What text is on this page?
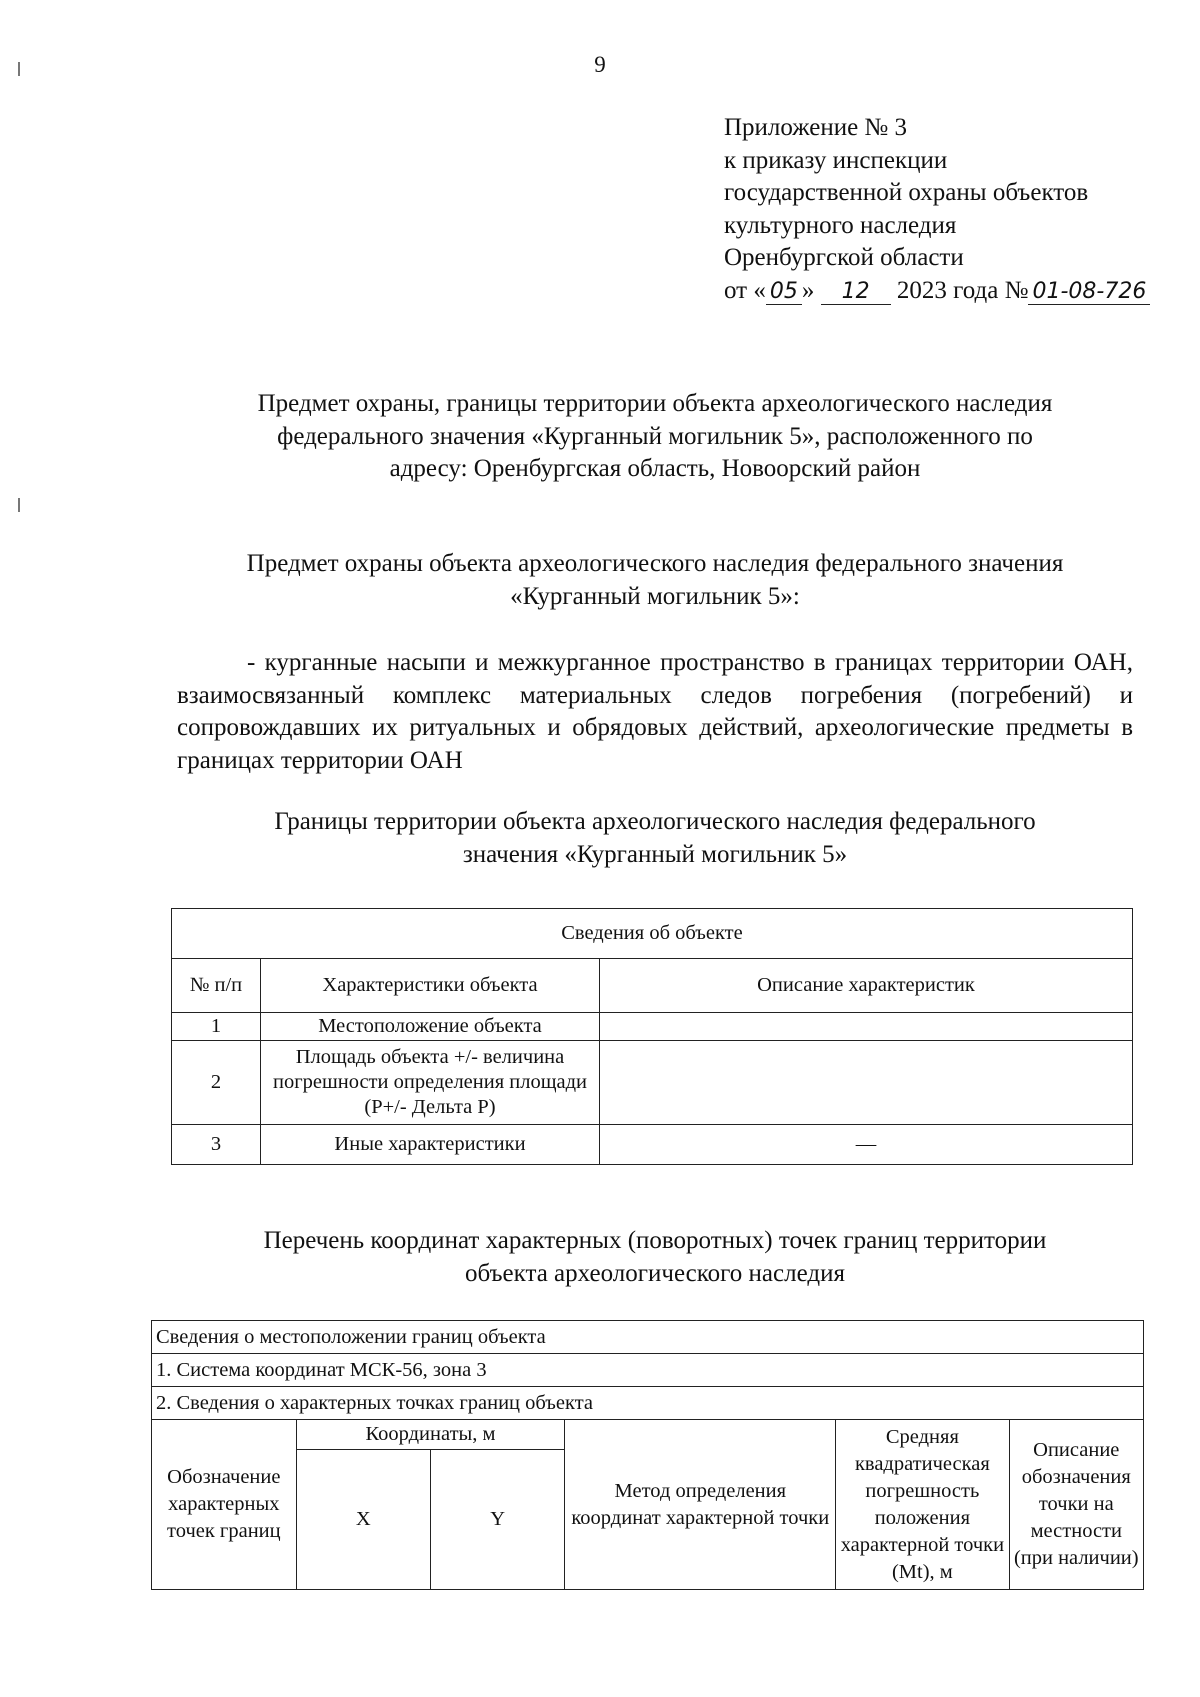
9
Приложение № 3
к приказу инспекции
государственной охраны объектов
культурного наследия
Оренбургской области
от « 05 » 12 2023 года № 01-08-726

Предмет охраны, границы территории объекта археологического наследия

федерального значения «Курганный могильник 5», расположенного по

адресу: Оренбургская область, Новоорский район

Предмет охраны объекта археологического наследия федерального значения

«Курганный могильник 5»:

- курганные насыпи и межкурганное пространство в границах территории ОАН, взаимосвязанный комплекс материальных следов погребения (погребений) и сопровождавших их ритуальных и обрядовых действий, археологические предметы в границах территории ОАН

Границы территории объекта археологического наследия федерального

значения «Курганный могильник 5»

Сведения об объекте		
№ п/п	Характеристики объекта	Описание характеристик
1	Местоположение объекта	
2	Площадь объекта +/- величина погрешности определения площади (Р+/- Дельта Р)	
3	Иные характеристики	—

Перечень координат характерных (поворотных) точек границ территории

объекта археологического наследия

Сведения о местоположении границ объекта					
1. Система координат МСК-56, зона 3					
2. Сведения о характерных точках границ объекта					
Обозначение характерных точек границ	Координаты, м		Метод определения координат характерной точки	Средняя квадратическая погрешность положения характерной точки (Mt), м	Описание обозначения точки на местности (при наличии)
	X	Y			
